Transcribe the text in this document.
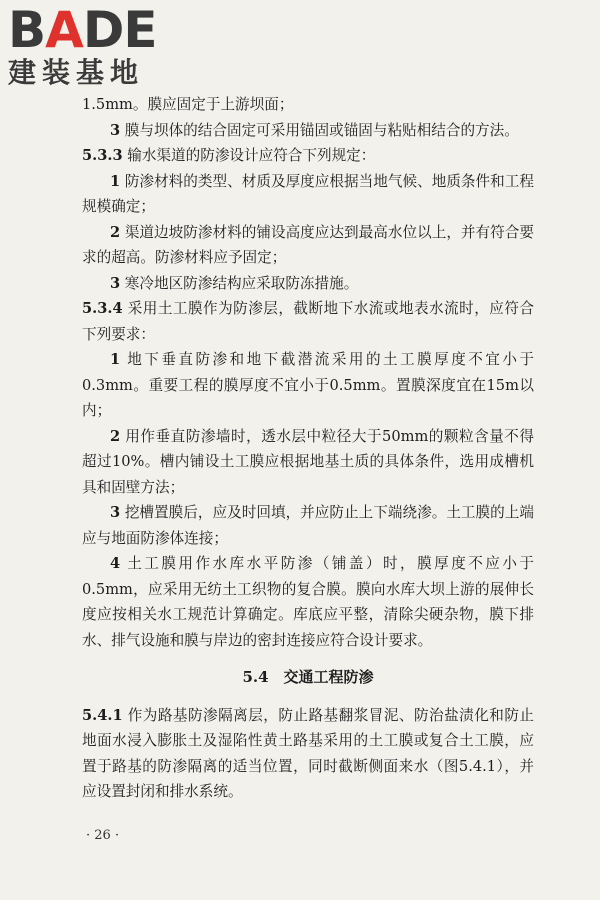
BADE
建装基地

1.5mm。膜应固定于上游坝面；

3 膜与坝体的结合固定可采用锚固或锚固与粘贴相结合的方法。

5.3.3 输水渠道的防渗设计应符合下列规定：

1 防渗材料的类型、材质及厚度应根据当地气候、地质条件和工程规模确定；

2 渠道边坡防渗材料的铺设高度应达到最高水位以上，并有符合要求的超高。防渗材料应予固定；

3 寒冷地区防渗结构应采取防冻措施。

5.3.4 采用土工膜作为防渗层，截断地下水流或地表水流时，应符合下列要求：

1 地下垂直防渗和地下截潜流采用的土工膜厚度不宜小于0.3mm。重要工程的膜厚度不宜小于0.5mm。置膜深度宜在15m以内；

2 用作垂直防渗墙时，透水层中粒径大于50mm的颗粒含量不得超过10%。槽内铺设土工膜应根据地基土质的具体条件，选用成槽机具和固壁方法；

3 挖槽置膜后，应及时回填，并应防止上下端绕渗。土工膜的上端应与地面防渗体连接；

4 土工膜用作水库水平防渗（铺盖）时，膜厚度不应小于0.5mm，应采用无纺土工织物的复合膜。膜向水库大坝上游的展伸长度应按相关水工规范计算确定。库底应平整，清除尖硬杂物，膜下排水、排气设施和膜与岸边的密封连接应符合设计要求。

5.4　交通工程防渗

5.4.1 作为路基防渗隔离层，防止路基翻浆冒泥、防治盐渍化和防止地面水浸入膨胀土及湿陷性黄土路基采用的土工膜或复合土工膜，应置于路基的防渗隔离的适当位置，同时截断侧面来水（图5.4.1），并应设置封闭和排水系统。

· 26 ·
